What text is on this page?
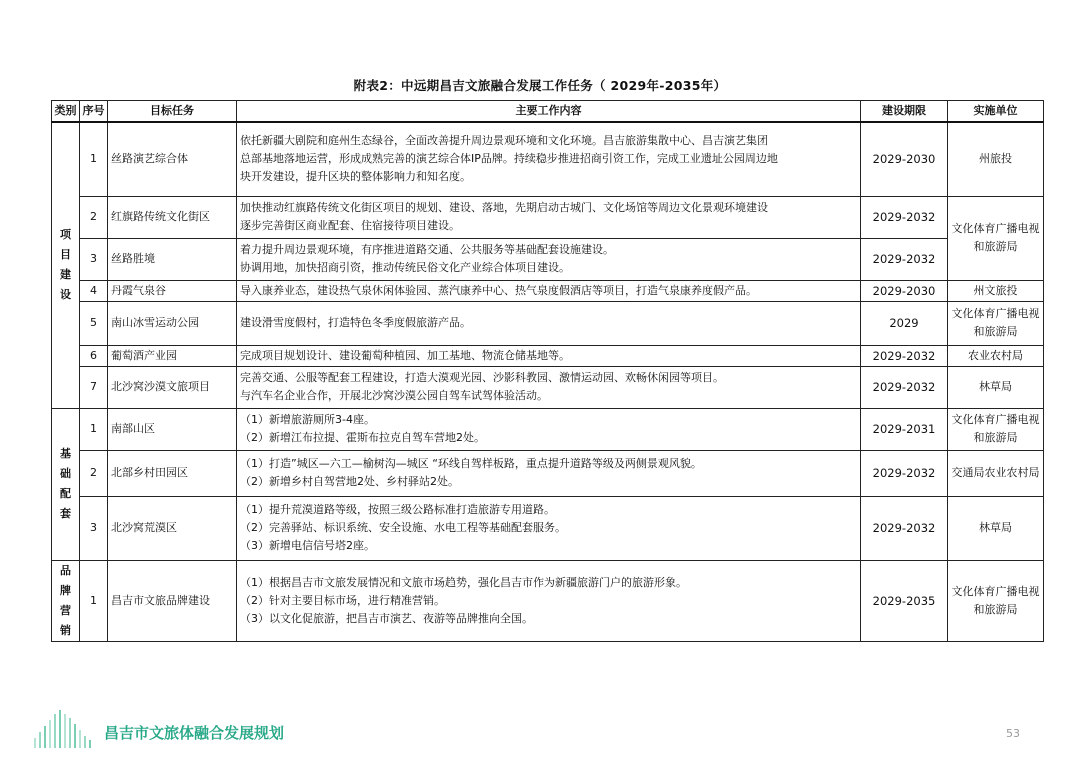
附表2：中远期昌吉文旅融合发展工作任务（ 2029年-2035年）
类别	序号	目标任务	主要工作内容	建设期限	实施单位
项目建设	1	丝路演艺综合体	依托新疆大剧院和庭州生态绿谷，全面改善提升周边景观环境和文化环境。昌吉旅游集散中心、昌吉演艺集团
总部基地落地运营，形成成熟完善的演艺综合体IP品牌。持续稳步推进招商引资工作，完成工业遗址公园周边地
块开发建设，提升区块的整体影响力和知名度。	2029-2030	州旅投
	2	红旗路传统文化街区	加快推动红旗路传统文化街区项目的规划、建设、落地，先期启动古城门、文化场馆等周边文化景观环境建设
逐步完善街区商业配套、住宿接待项目建设。	2029-2032	文化体育广播电视和旅游局
	3	丝路胜境	着力提升周边景观环境，有序推进道路交通、公共服务等基础配套设施建设。
协调用地，加快招商引资，推动传统民俗文化产业综合体项目建设。	2029-2032	
	4	丹霞气泉谷	导入康养业态，建设热气泉休闲体验园、蒸汽康养中心、热气泉度假酒店等项目，打造气泉康养度假产品。	2029-2030	州文旅投
	5	南山冰雪运动公园	建设滑雪度假村，打造特色冬季度假旅游产品。	2029	文化体育广播电视和旅游局
	6	葡萄酒产业园	完成项目规划设计、建设葡萄种植园、加工基地、物流仓储基地等。	2029-2032	农业农村局
	7	北沙窝沙漠文旅项目	完善交通、公服等配套工程建设，打造大漠观光园、沙影科教园、激情运动园、欢畅休闲园等项目。
与汽车名企业合作，开展北沙窝沙漠公园自驾车试驾体验活动。	2029-2032	林草局
基础配套	1	南部山区	（1）新增旅游厕所3-4座。
（2）新增江布拉提、霍斯布拉克自驾车营地2处。	2029-2031	文化体育广播电视和旅游局
	2	北部乡村田园区	（1）打造”城区—六工—榆树沟—城区 “环线自驾样板路，重点提升道路等级及两侧景观风貌。
（2）新增乡村自驾营地2处、乡村驿站2处。	2029-2032	交通局农业农村局
	3	北沙窝荒漠区	（1）提升荒漠道路等级，按照三级公路标准打造旅游专用道路。
（2）完善驿站、标识系统、安全设施、水电工程等基础配套服务。
（3）新增电信信号塔2座。	2029-2032	林草局
品牌营销	1	昌吉市文旅品牌建设	（1）根据昌吉市文旅发展情况和文旅市场趋势，强化昌吉市作为新疆旅游门户的旅游形象。
（2）针对主要目标市场，进行精准营销。
（3）以文化促旅游，把昌吉市演艺、夜游等品牌推向全国。	2029-2035	文化体育广播电视和旅游局
昌吉市文旅体融合发展规划	53
